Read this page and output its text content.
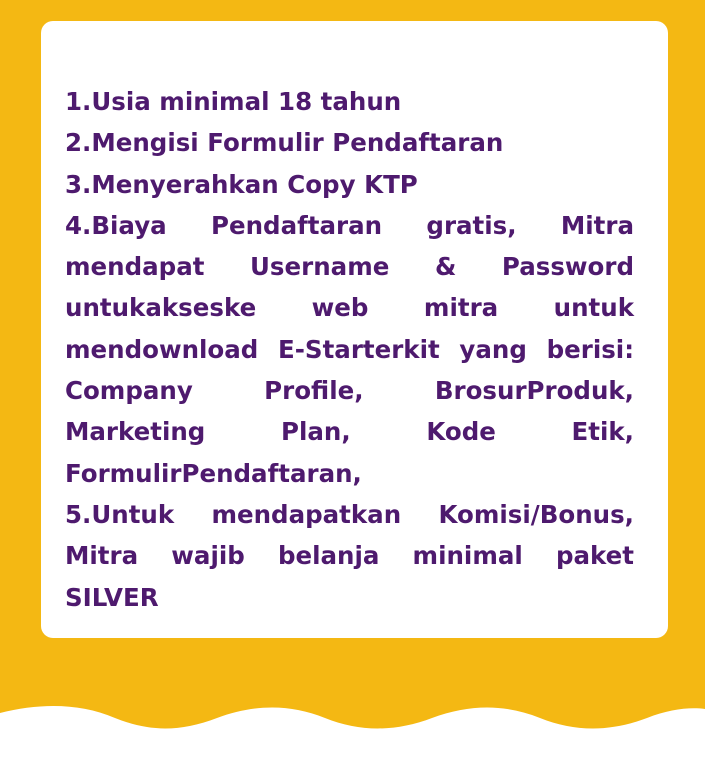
1.Usia minimal 18 tahun
2.Mengisi Formulir Pendaftaran
3.Menyerahkan Copy KTP
4.Biaya Pendaftaran gratis, Mitra mendapat Username & Password untukakseske web mitra untuk mendownload E-Starterkit yang berisi: Company Profile, BrosurProduk, Marketing Plan, Kode Etik, FormulirPendaftaran,
5.Untuk mendapatkan Komisi/Bonus, Mitra wajib belanja minimal paket SILVER
